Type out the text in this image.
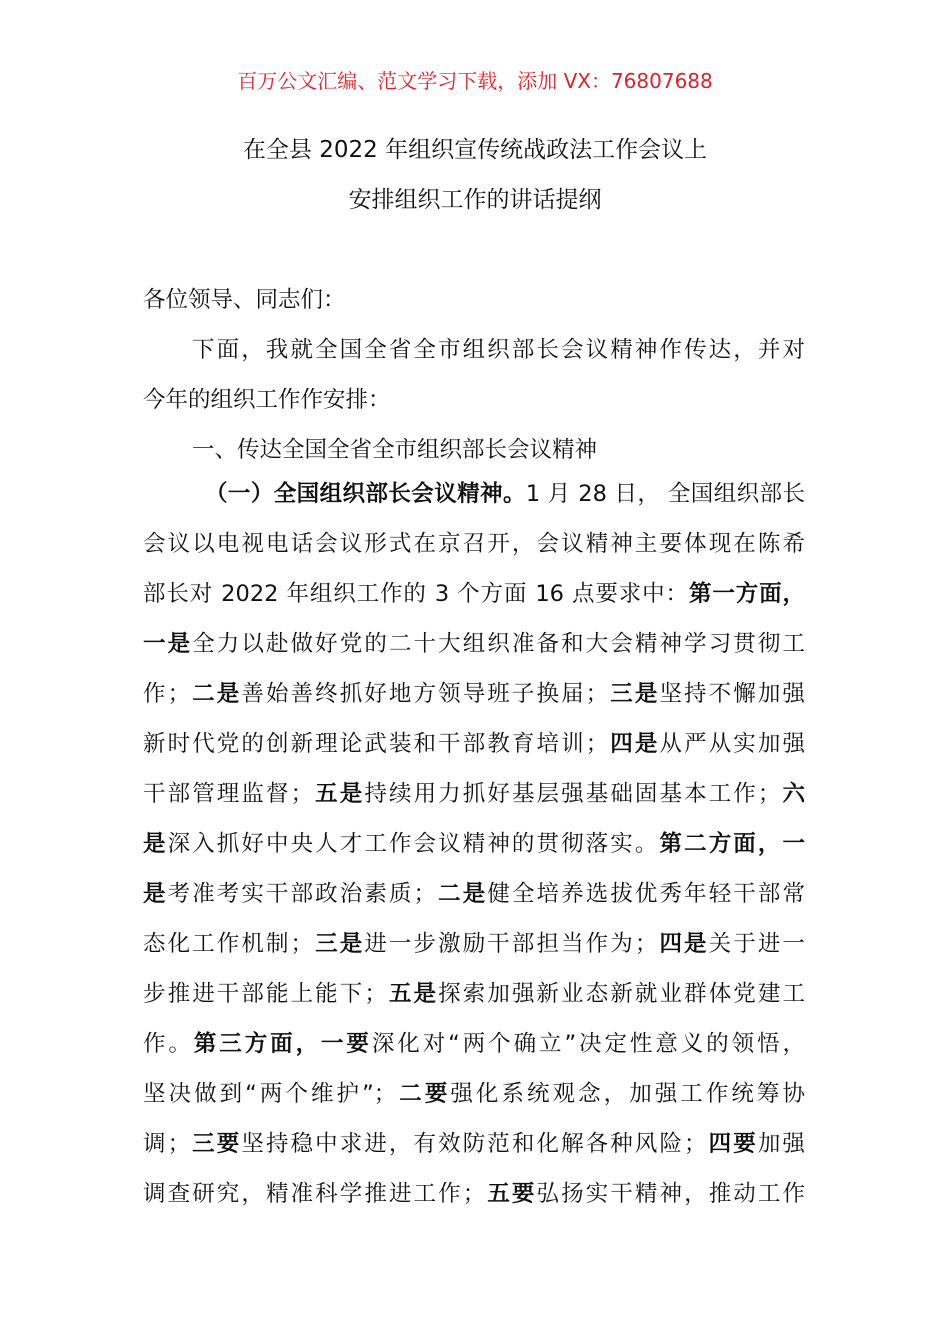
百万公文汇编、范文学习下载，添加 VX：76807688
在全县 2022 年组织宣传统战政法工作会议上
安排组织工作的讲话提纲
各位领导、同志们：
下面，我就全国全省全市组织部长会议精神作传达，并对
今年的组织工作作安排：
一、传达全国全省全市组织部长会议精神
（一）全国组织部长会议精神。1 月 28 日， 全国组织部长
会议以电视电话会议形式在京召开，会议精神主要体现在陈希
部长对 2022 年组织工作的 3 个方面 16 点要求中：第一方面，
一是全力以赴做好党的二十大组织准备和大会精神学习贯彻工
作；二是善始善终抓好地方领导班子换届；三是坚持不懈加强
新时代党的创新理论武装和干部教育培训；四是从严从实加强
干部管理监督；五是持续用力抓好基层强基础固基本工作；六
是深入抓好中央人才工作会议精神的贯彻落实。第二方面，一
是考准考实干部政治素质；二是健全培养选拔优秀年轻干部常
态化工作机制；三是进一步激励干部担当作为；四是关于进一
步推进干部能上能下；五是探索加强新业态新就业群体党建工
作。第三方面，一要深化对“两个确立”决定性意义的领悟，
坚决做到“两个维护”；二要强化系统观念，加强工作统筹协
调；三要坚持稳中求进，有效防范和化解各种风险；四要加强
调查研究，精准科学推进工作；五要弘扬实干精神，推动工作
